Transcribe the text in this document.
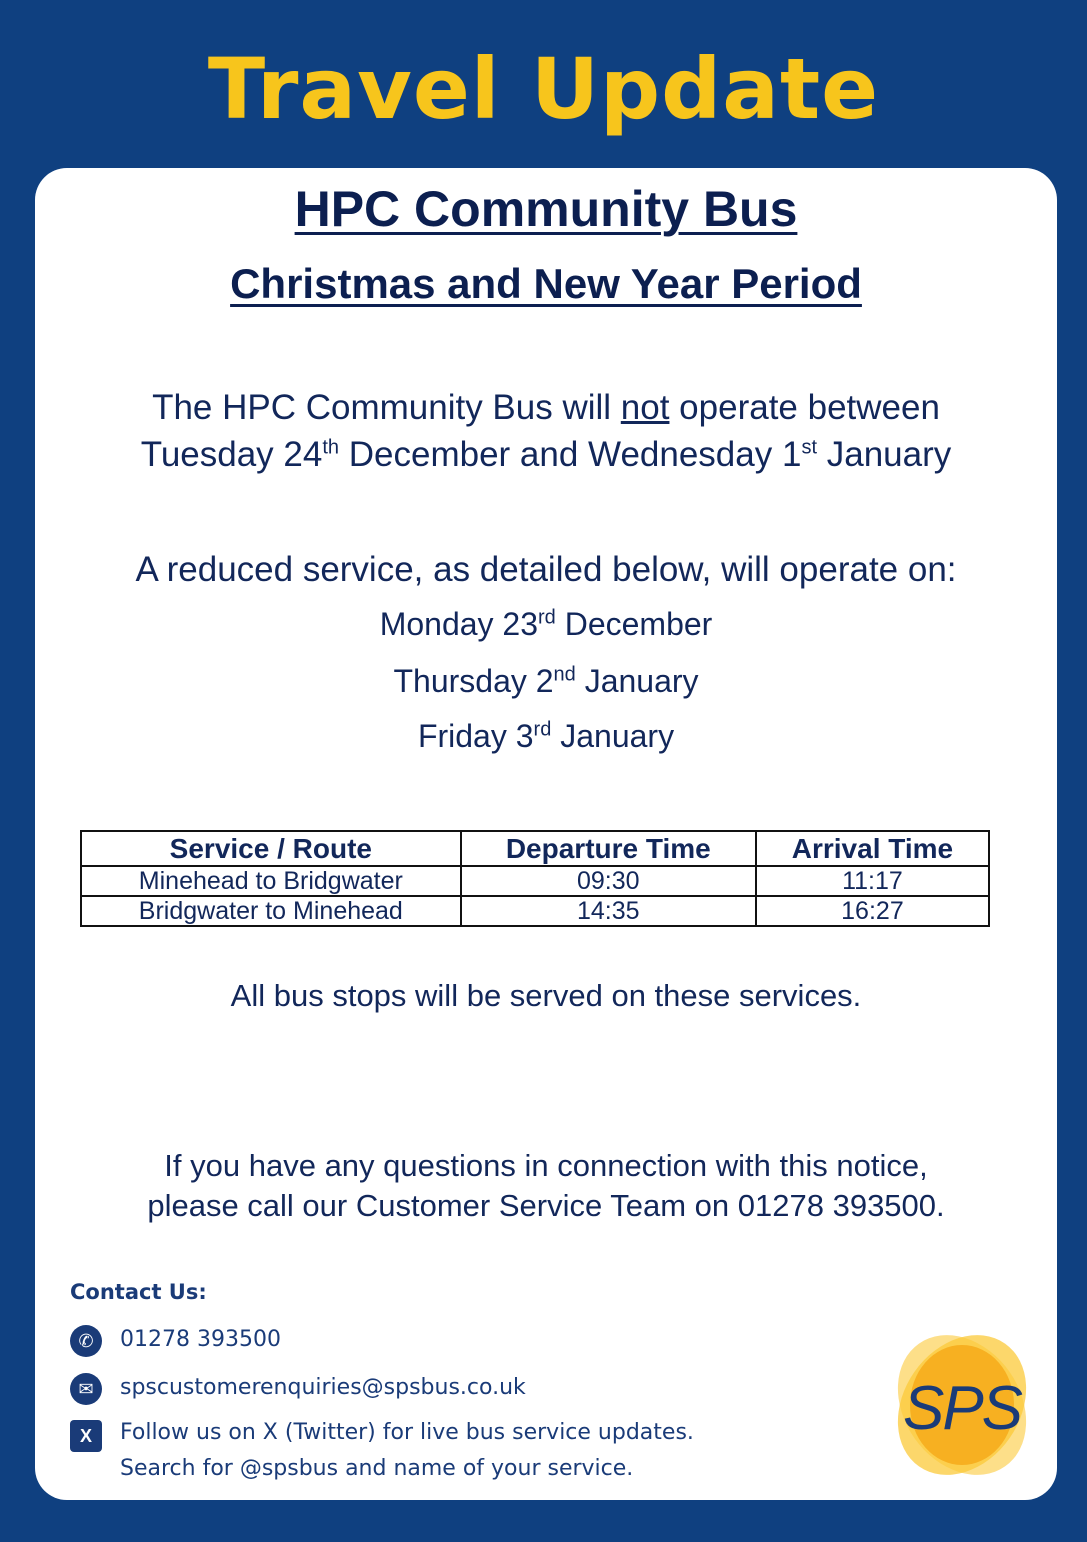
Travel Update
HPC Community Bus
Christmas and New Year Period
The HPC Community Bus will not operate between
Tuesday 24th December and Wednesday 1st January
A reduced service, as detailed below, will operate on:
Monday 23rd December
Thursday 2nd January
Friday 3rd January
Service / Route	Departure Time	Arrival Time
Minehead to Bridgwater	09:30	11:17
Bridgwater to Minehead	14:35	16:27
All bus stops will be served on these services.
If you have any questions in connection with this notice,
please call our Customer Service Team on 01278 393500.
Contact Us:
✆	01278 393500
✉	spscustomerenquiries@spsbus.co.uk
X	Follow us on X (Twitter) for live bus service updates.
Search for @spsbus and name of your service.
SPS
